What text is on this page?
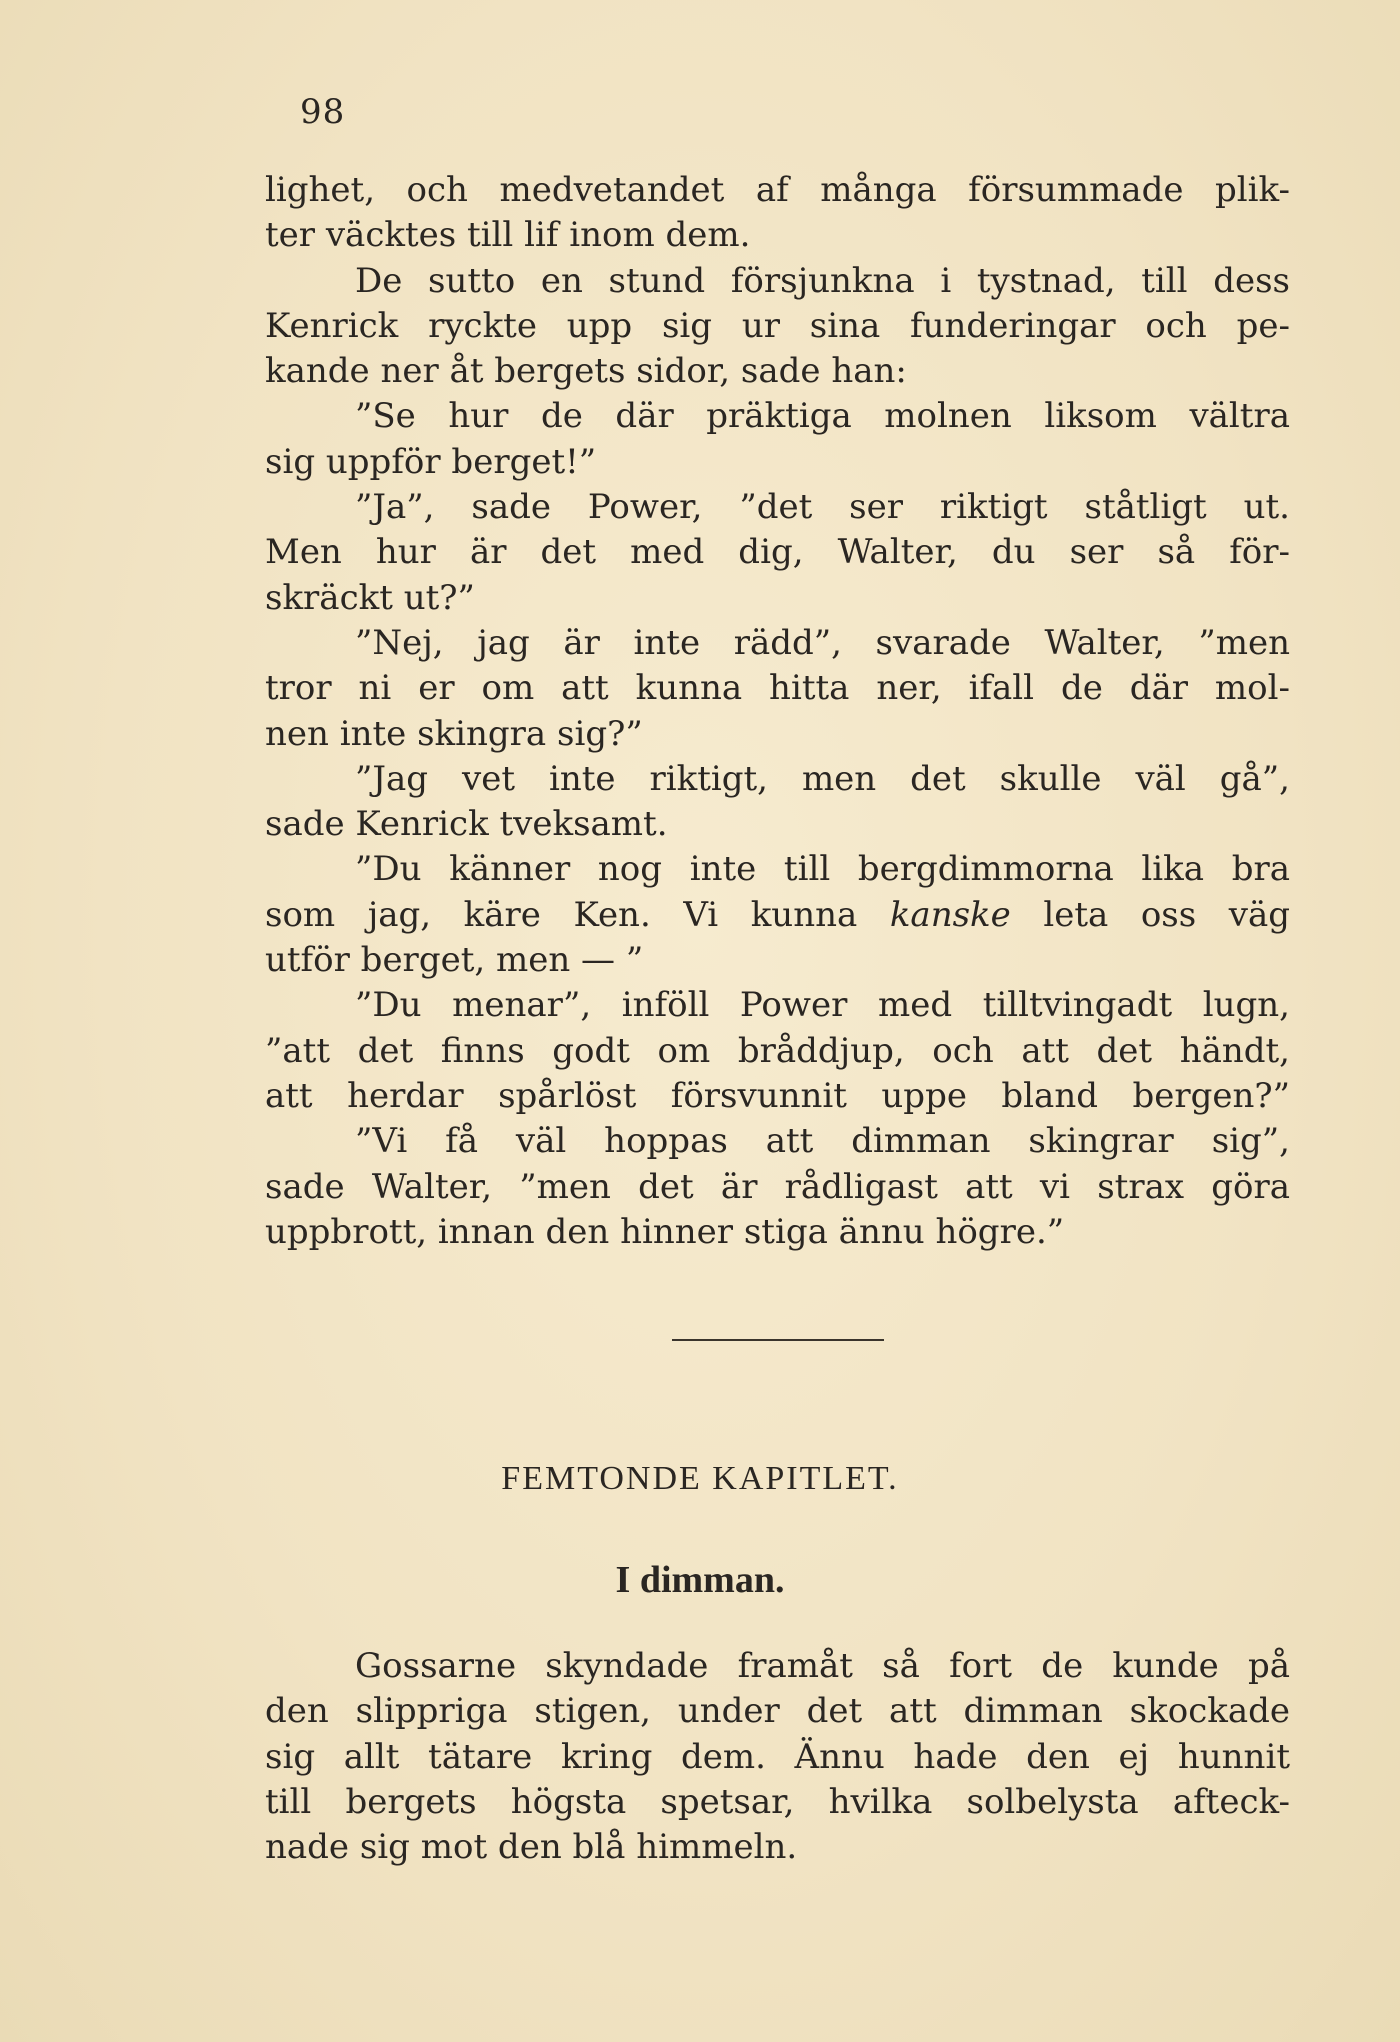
98
lighet, och medvetandet af många försummade plik-
ter väcktes till lif inom dem.
De sutto en stund försjunkna i tystnad, till dess
Kenrick ryckte upp sig ur sina funderingar och pe-
kande ner åt bergets sidor, sade han:
”Se hur de där präktiga molnen liksom vältra
sig uppför berget!”
”Ja”, sade Power, ”det ser riktigt ståtligt ut.
Men hur är det med dig, Walter, du ser så för-
skräckt ut?”
”Nej, jag är inte rädd”, svarade Walter, ”men
tror ni er om att kunna hitta ner, ifall de där mol-
nen inte skingra sig?”
”Jag vet inte riktigt, men det skulle väl gå”,
sade Kenrick tveksamt.
”Du känner nog inte till bergdimmorna lika bra
som jag, käre Ken. Vi kunna kanske leta oss väg
utför berget, men — ”
”Du menar”, inföll Power med tilltvingadt lugn,
”att det finns godt om bråddjup, och att det händt,
att herdar spårlöst försvunnit uppe bland bergen?”
”Vi få väl hoppas att dimman skingrar sig”,
sade Walter, ”men det är rådligast att vi strax göra
uppbrott, innan den hinner stiga ännu högre.”
FEMTONDE KAPITLET.
I dimman.
Gossarne skyndade framåt så fort de kunde på
den slippriga stigen, under det att dimman skockade
sig allt tätare kring dem. Ännu hade den ej hunnit
till bergets högsta spetsar, hvilka solbelysta afteck-
nade sig mot den blå himmeln.
